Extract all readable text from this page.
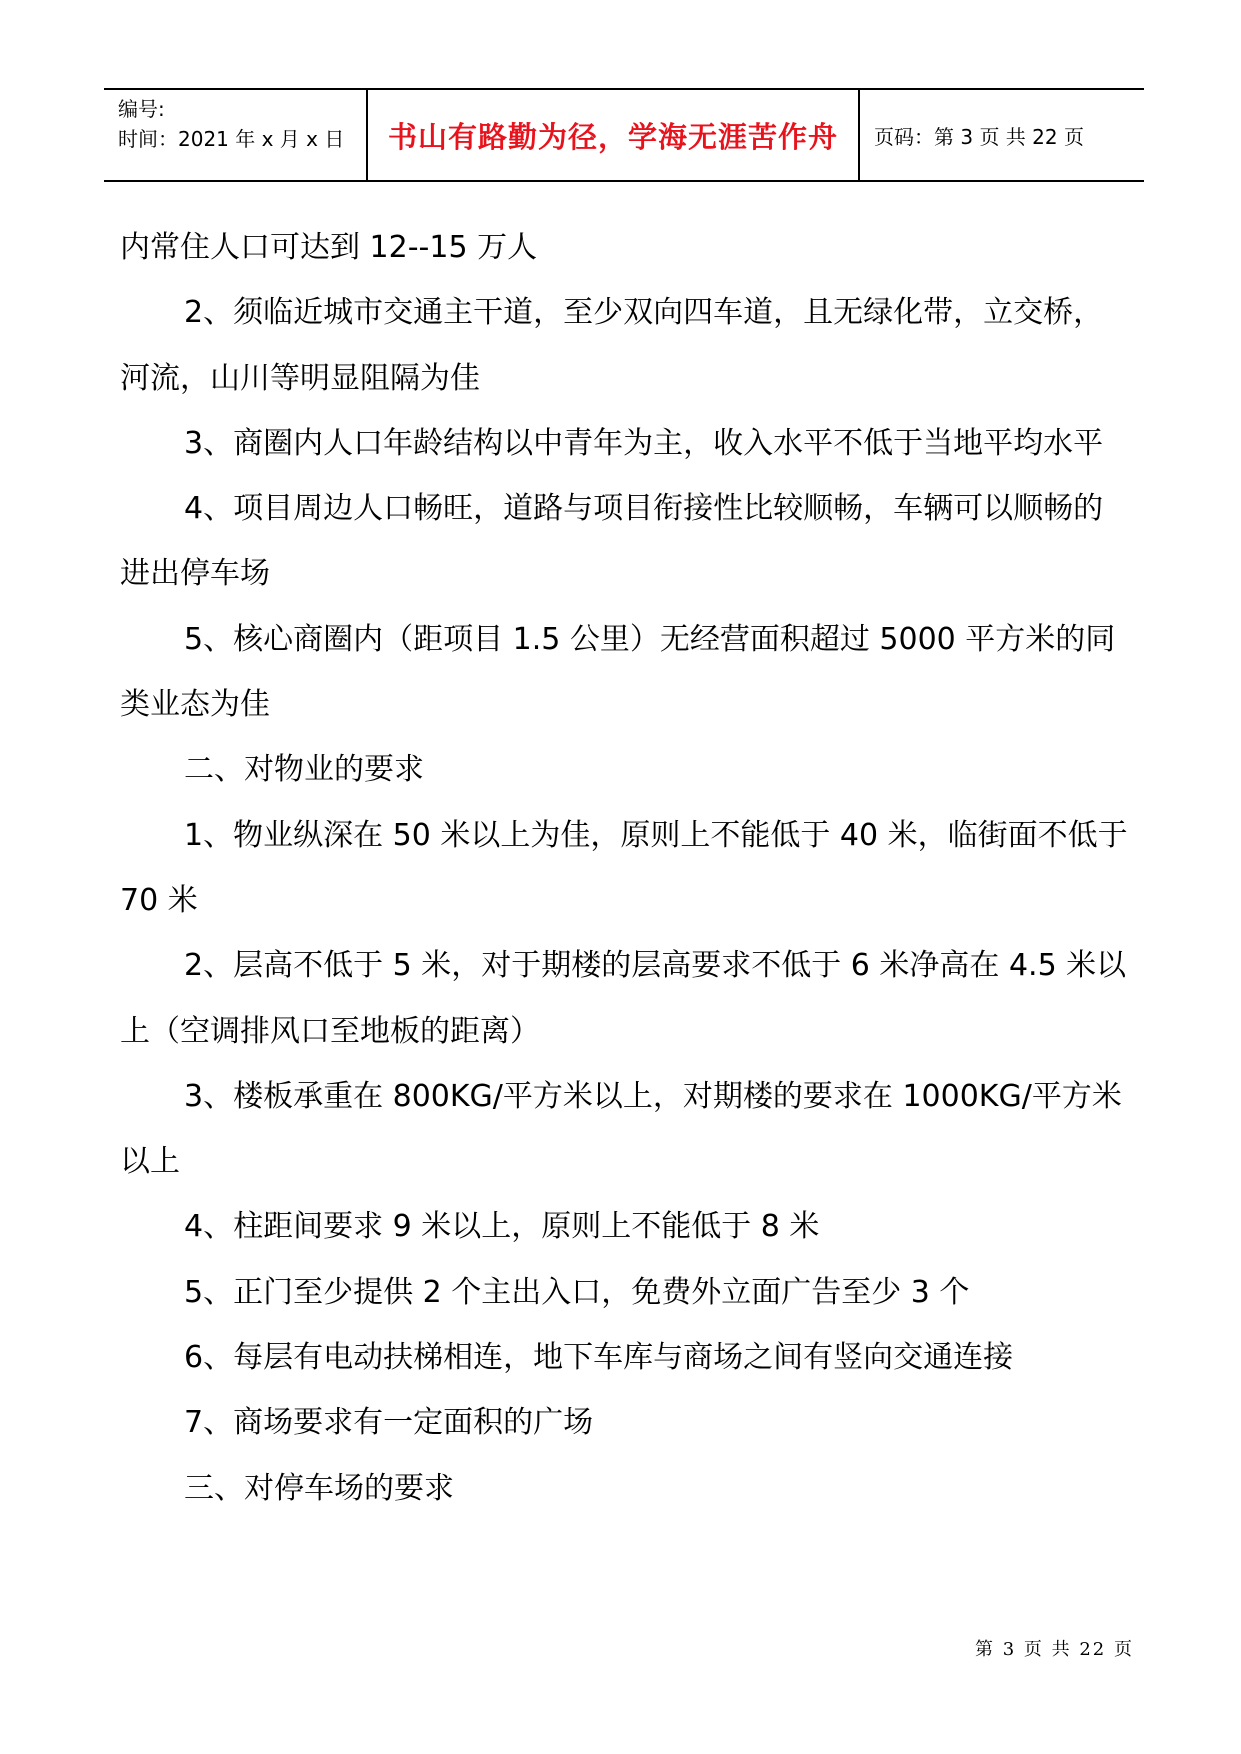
编号:
时间：2021 年 x 月 x 日	书山有路勤为径，学海无涯苦作舟	页码：第 3 页 共 22 页

内常住人口可达到 12--15 万人

2、须临近城市交通主干道，至少双向四车道，且无绿化带，立交桥，河流，山川等明显阻隔为佳

3、商圈内人口年龄结构以中青年为主，收入水平不低于当地平均水平

4、项目周边人口畅旺，道路与项目衔接性比较顺畅，车辆可以顺畅的进出停车场

5、核心商圈内（距项目 1.5 公里）无经营面积超过 5000 平方米的同类业态为佳

二、对物业的要求

1、物业纵深在 50 米以上为佳，原则上不能低于 40 米，临街面不低于 70 米

2、层高不低于 5 米，对于期楼的层高要求不低于 6 米净高在 4.5 米以上（空调排风口至地板的距离）

3、楼板承重在 800KG/平方米以上，对期楼的要求在 1000KG/平方米以上

4、柱距间要求 9 米以上，原则上不能低于 8 米

5、正门至少提供 2 个主出入口，免费外立面广告至少 3 个

6、每层有电动扶梯相连，地下车库与商场之间有竖向交通连接

7、商场要求有一定面积的广场

三、对停车场的要求

第 3 页 共 22 页
